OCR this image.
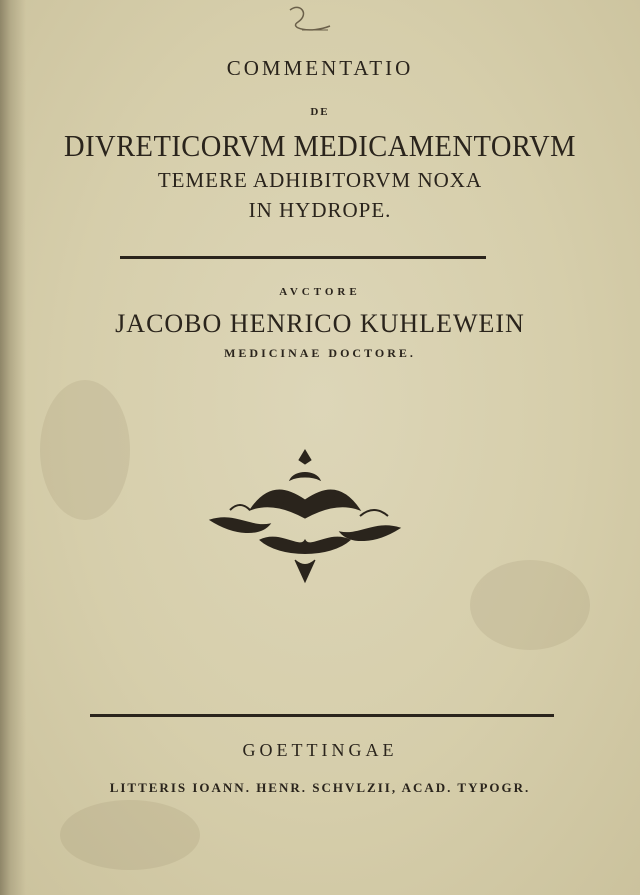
COMMENTATIO
DE
DIVRETICORVM MEDICAMENTORVM
TEMERE ADHIBITORVM NOXA
IN HYDROPE.
AVCTORE
JACOBO HENRICO KUHLEWEIN
MEDICINAE DOCTORE.
GOETTINGAE
LITTERIS IOANN. HENR. SCHVLZII, ACAD. TYPOGR.
